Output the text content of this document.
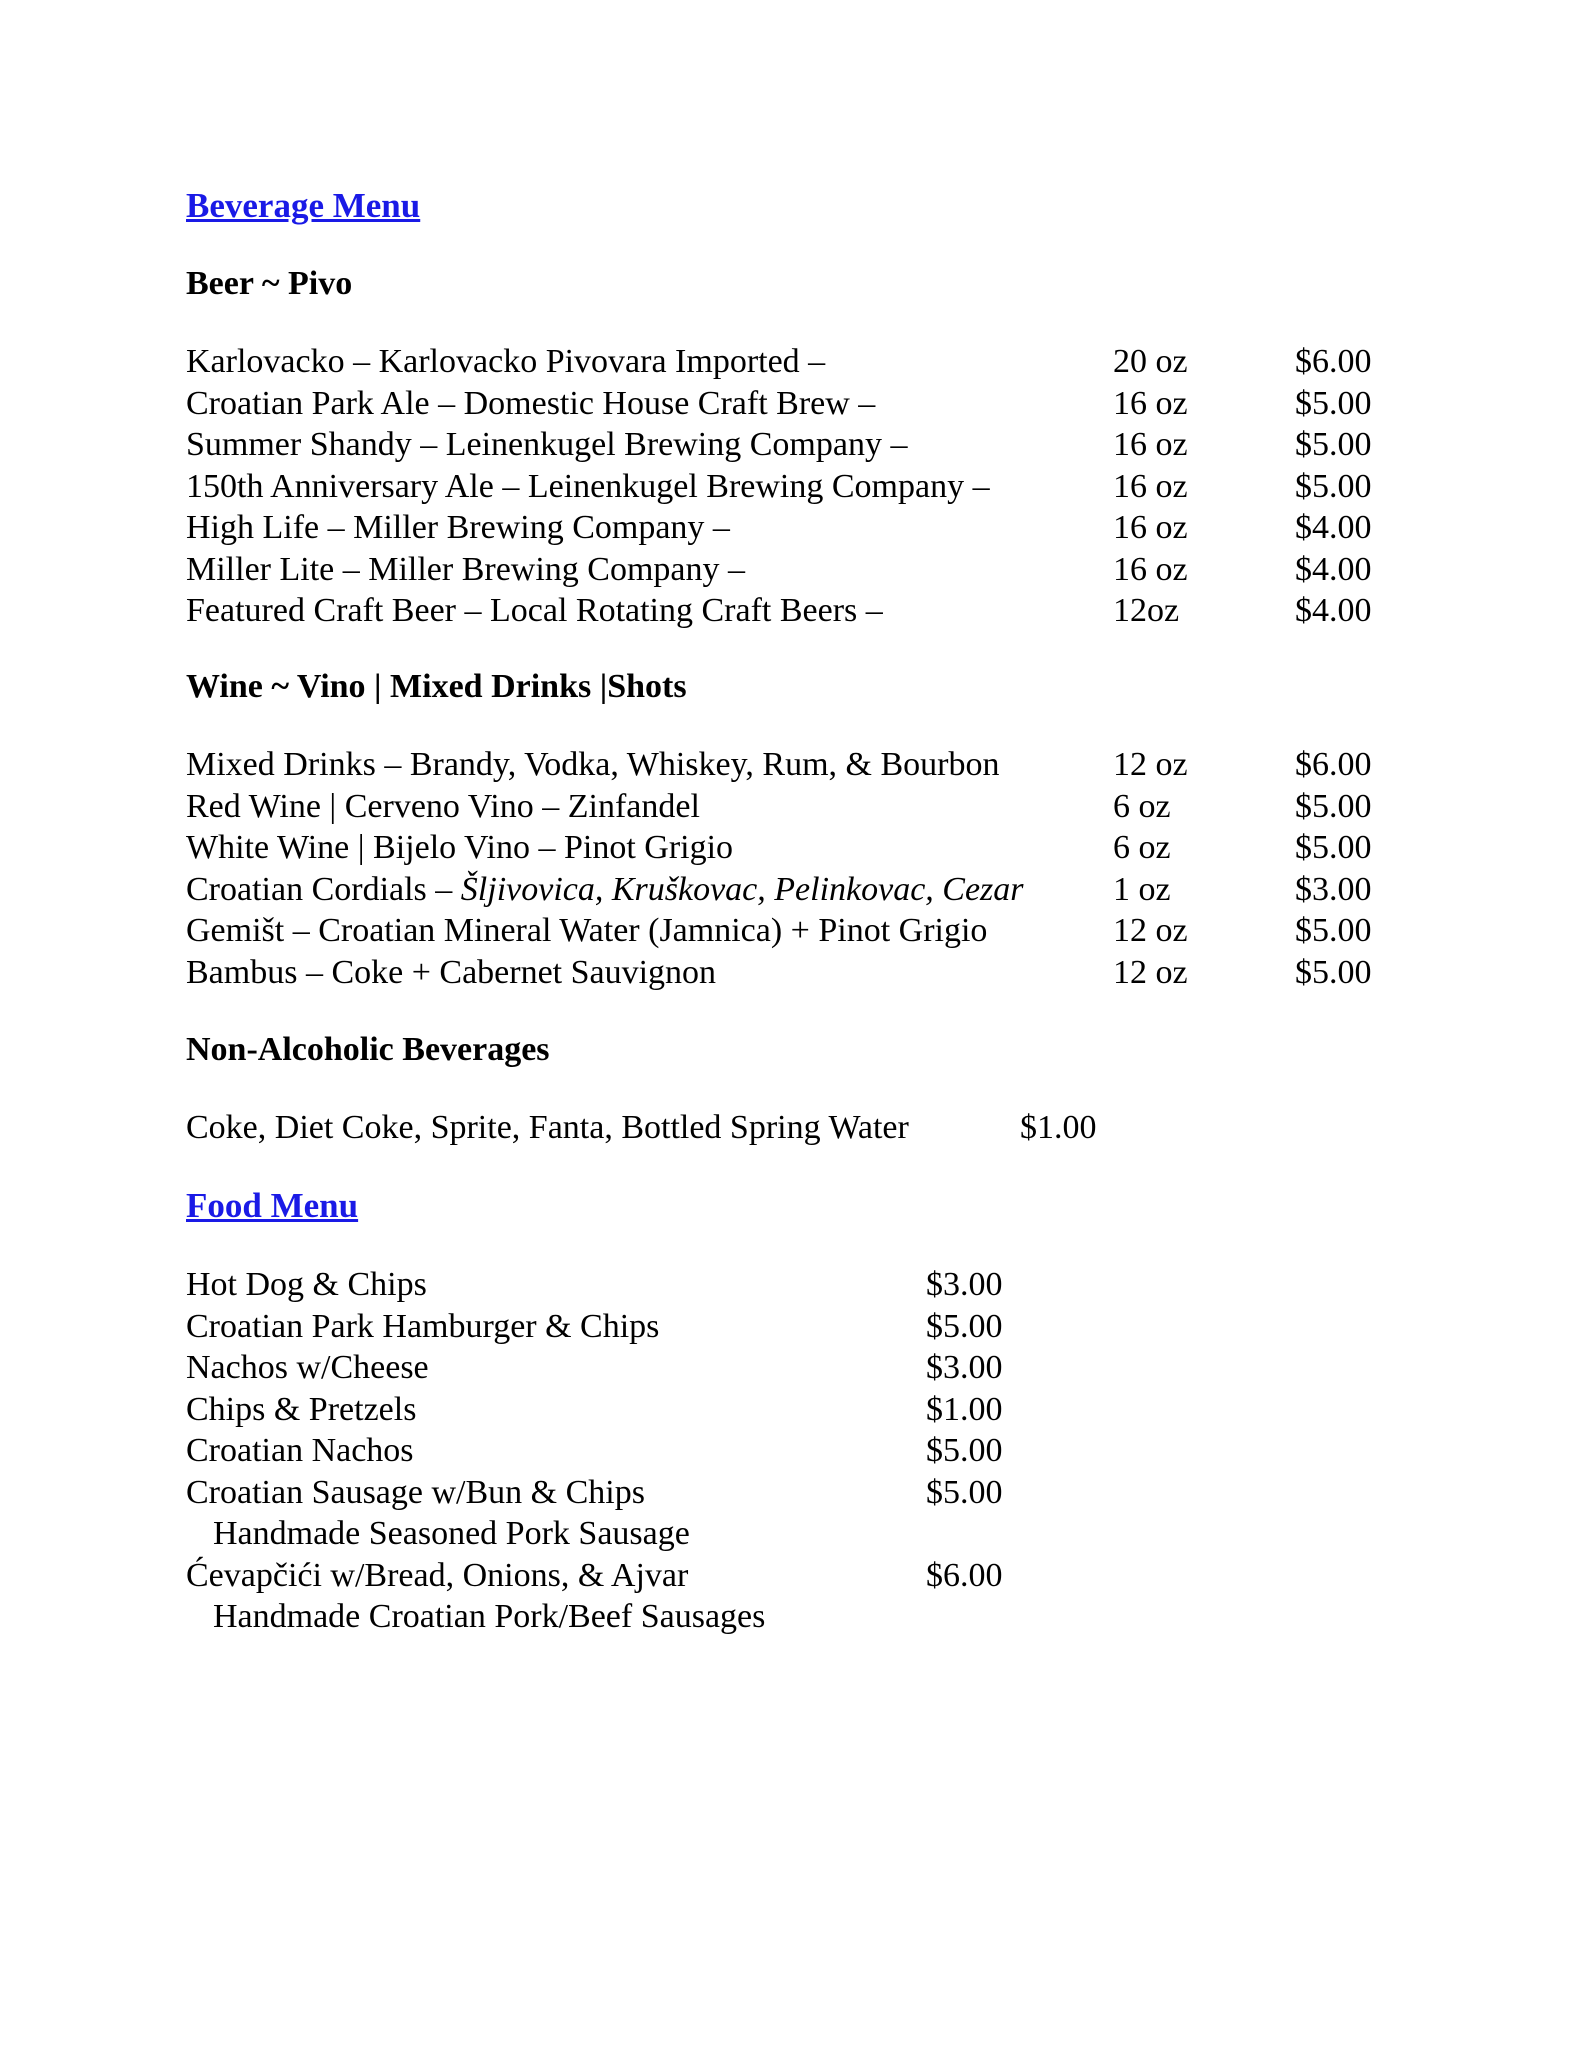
Beverage Menu
Beer ~ Pivo
Karlovacko – Karlovacko Pivovara Imported –	20 oz	$6.00
Croatian Park Ale – Domestic House Craft Brew –	16 oz	$5.00
Summer Shandy – Leinenkugel Brewing Company –	16 oz	$5.00
150th Anniversary Ale – Leinenkugel Brewing Company –	16 oz	$5.00
High Life – Miller Brewing Company –	16 oz	$4.00
Miller Lite – Miller Brewing Company –	16 oz	$4.00
Featured Craft Beer – Local Rotating Craft Beers –	12oz	$4.00
Wine ~ Vino | Mixed Drinks |Shots
Mixed Drinks – Brandy, Vodka, Whiskey, Rum, & Bourbon	12 oz	$6.00
Red Wine | Cerveno Vino – Zinfandel	6 oz	$5.00
White Wine | Bijelo Vino – Pinot Grigio	6 oz	$5.00
Croatian Cordials – Šljivovica, Kruškovac, Pelinkovac, Cezar	1 oz	$3.00
Gemišt – Croatian Mineral Water (Jamnica) + Pinot Grigio	12 oz	$5.00
Bambus – Coke + Cabernet Sauvignon	12 oz	$5.00
Non-Alcoholic Beverages
Coke, Diet Coke, Sprite, Fanta, Bottled Spring Water	$1.00
Food Menu
Hot Dog & Chips	$3.00
Croatian Park Hamburger & Chips	$5.00
Nachos w/Cheese	$3.00
Chips & Pretzels	$1.00
Croatian Nachos	$5.00
Croatian Sausage w/Bun & Chips	$5.00
Handmade Seasoned Pork Sausage
Ćevapčići w/Bread, Onions, & Ajvar	$6.00
Handmade Croatian Pork/Beef Sausages
